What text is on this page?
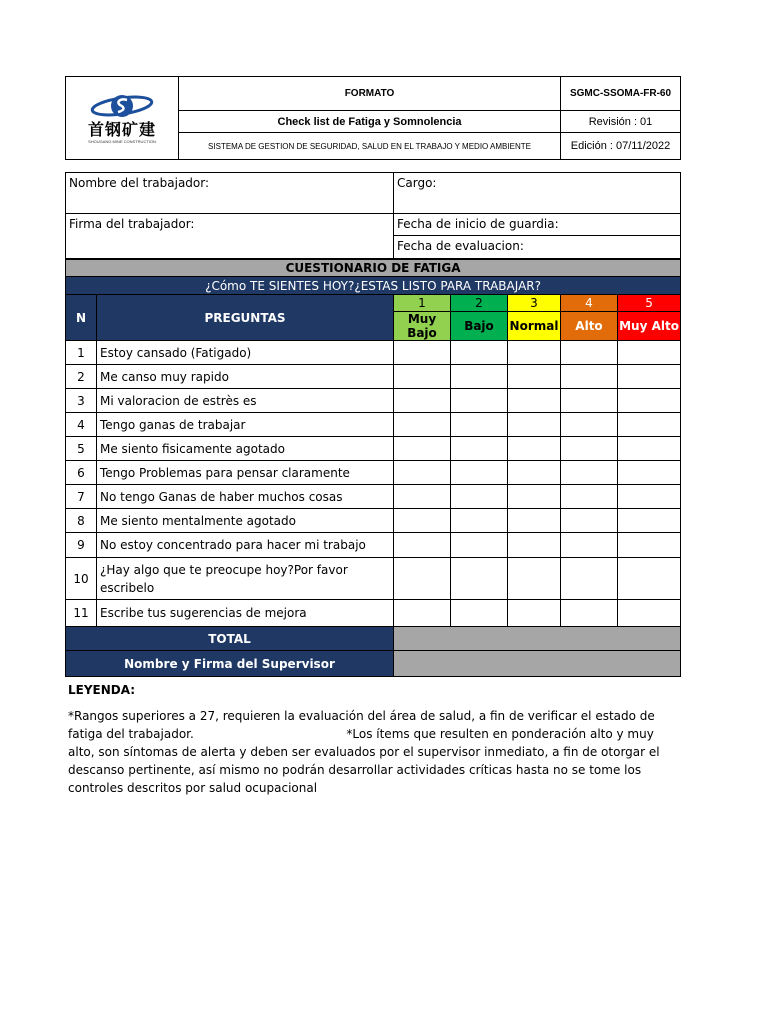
首钢矿建
SHOUGANG MINE CONSTRUCTION	FORMATO	SGMC-SSOMA-FR-60
	Check list de Fatiga y Somnolencia	Revisión : 01
	SISTEMA DE GESTION DE SEGURIDAD, SALUD EN EL TRABAJO Y MEDIO AMBIENTE	Edición : 07/11/2022
Nombre del trabajador:	Cargo:
Firma del trabajador:	Fecha de inicio de guardia:
	Fecha de evaluacion:
CUESTIONARIO DE FATIGA						
¿Cómo TE SIENTES HOY?¿ESTAS LISTO PARA TRABAJAR?						
N	PREGUNTAS	1	2	3	4	5
		Muy Bajo	Bajo	Normal	Alto	Muy Alto
1	Estoy cansado (Fatigado)					
2	Me canso muy rapido					
3	Mi valoracion de estrès es					
4	Tengo ganas de trabajar					
5	Me siento fisicamente agotado					
6	Tengo Problemas para pensar claramente					
7	No tengo Ganas de haber muchos cosas					
8	Me siento mentalmente agotado					
9	No estoy concentrado para hacer mi trabajo					
10	¿Hay algo que te preocupe hoy?Por favor escribelo					
11	Escribe tus sugerencias de mejora					
TOTAL						
Nombre y Firma del Supervisor						
LEYENDA:
*Rangos superiores a 27, requieren la evaluación del área de salud, a fin de verificar el estado de fatiga del trabajador.                                        *Los ítems que resulten en ponderación alto y muy alto, son síntomas de alerta y deben ser evaluados por el supervisor inmediato, a fin de otorgar el descanso pertinente, así mismo no podrán desarrollar actividades críticas hasta no se tome los controles descritos por salud ocupacional
